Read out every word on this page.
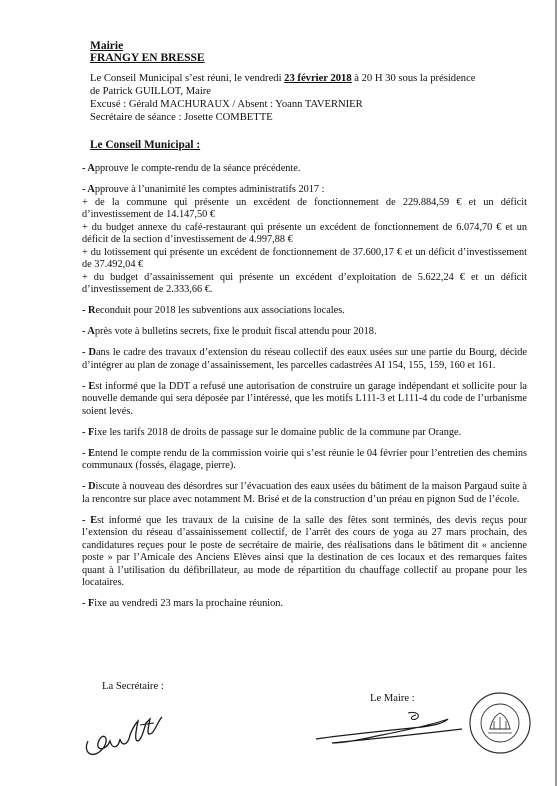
Mairie
FRANGY EN BRESSE

Le Conseil Municipal s’est réuni, le vendredi 23 février 2018 à 20 H 30 sous la présidence

de Patrick GUILLOT, Maire

Excusé : Gérald MACHURAUX / Absent : Yoann TAVERNIER

Secrétaire de séance : Josette COMBETTE

Le Conseil Municipal :

- Approuve le compte-rendu de la séance précédente.

- Approuve à l’unanimité les comptes administratifs 2017 :

+ de la commune qui présente un excédent de fonctionnement de 229.884,59 € et un déficit d’investissement de 14.147,50 €

+ du budget annexe du café-restaurant qui présente un excédent de fonctionnement de 6.074,70 € et un déficit de la section d’investissement de 4.997,88 €

+ du lotissement qui présente un excédent de fonctionnement de 37.600,17 € et un déficit d’investissement de 37.492,04 €

+ du budget d’assainissement qui présente un excédent d’exploitation de 5.622,24 € et un déficit d’investissement de 2.333,66 €.

- Reconduit pour 2018 les subventions aux associations locales.

- Après vote à bulletins secrets, fixe le produit fiscal attendu pour 2018.

- Dans le cadre des travaux d’extension du réseau collectif des eaux usées sur une partie du Bourg, décide d’intégrer au plan de zonage d’assainissement, les parcelles cadastrées AI 154, 155, 159, 160 et 161.

- Est informé que la DDT a refusé une autorisation de construire un garage indépendant et sollicite pour la nouvelle demande qui sera déposée par l’intéressé, que les motifs L111-3 et L111-4 du code de l’urbanisme soient levés.

- Fixe les tarifs 2018 de droits de passage sur le domaine public de la commune par Orange.

- Entend le compte rendu de la commission voirie qui s’est réunie le 04 février pour l’entretien des chemins communaux (fossés, élagage, pierre).

- Discute à nouveau des désordres sur l’évacuation des eaux usées du bâtiment de la maison Pargaud suite à la rencontre sur place avec notamment M. Brisé et de la construction d’un préau en pignon Sud de l’école.

- Est informé que les travaux de la cuisine de la salle des fêtes sont terminés, des devis reçus pour l’extension du réseau d’assainissement collectif, de l’arrêt des cours de yoga au 27 mars prochain, des candidatures reçues pour le poste de secrétaire de mairie, des réalisations dans le bâtiment dit « ancienne poste » par l’Amicale des Anciens Elèves ainsi que la destination de ces locaux et des remarques faites quant à l’utilisation du défibrillateur, au mode de répartition du chauffage collectif au propane pour les locataires.

- Fixe au vendredi 23 mars la prochaine réunion.

La Secrétaire :
Le Maire :
